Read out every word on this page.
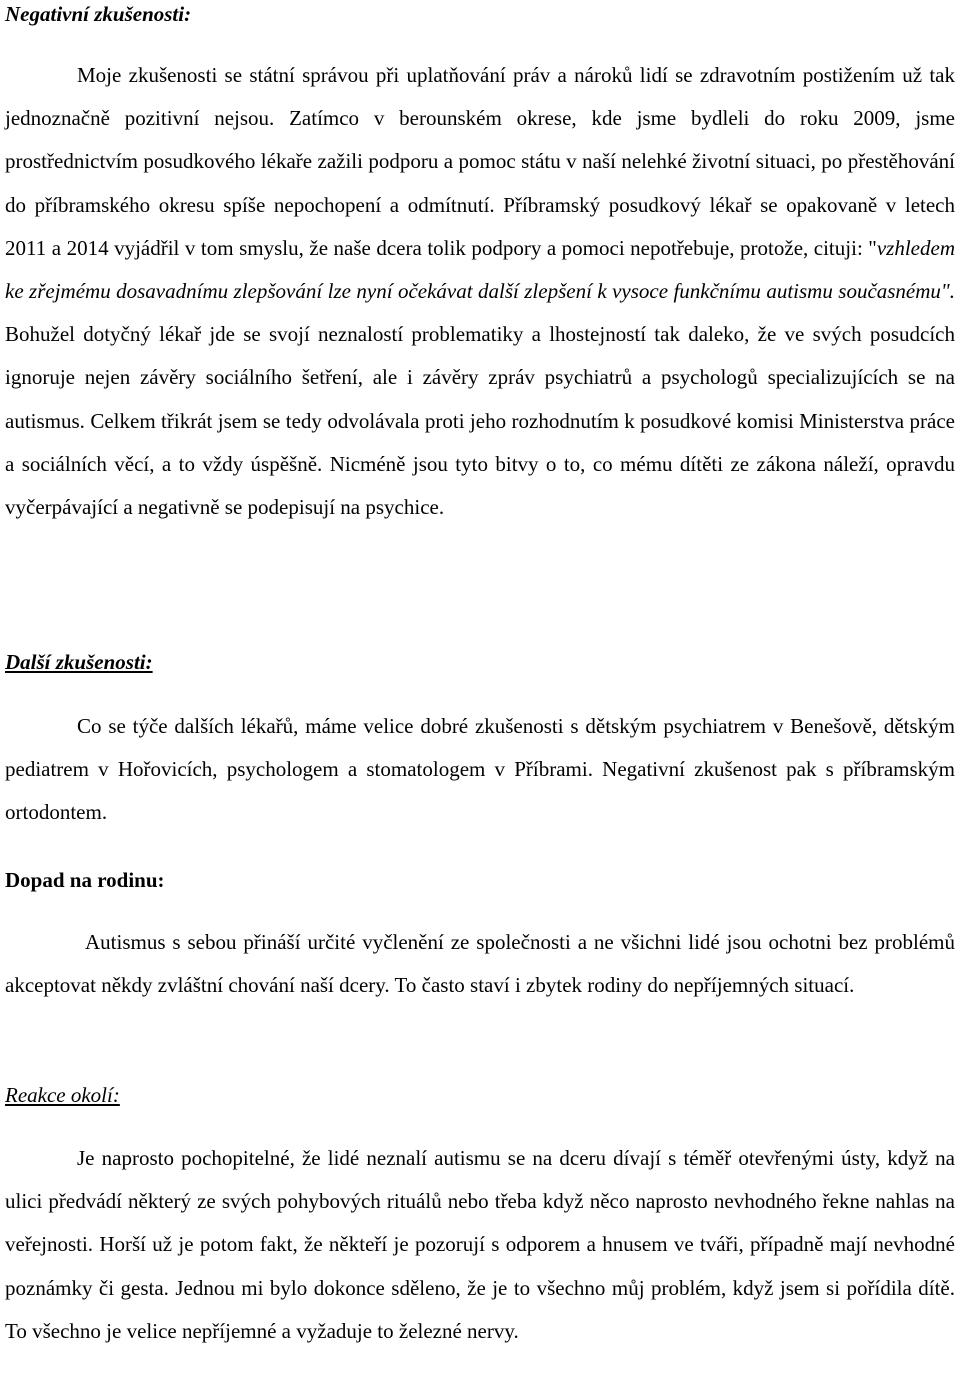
Negativní zkušenosti:

Moje zkušenosti se státní správou při uplatňování práv a nároků lidí se zdravotním postižením už tak jednoznačně pozitivní nejsou. Zatímco v berounském okrese, kde jsme bydleli do roku 2009, jsme prostřednictvím posudkového lékaře zažili podporu a pomoc státu v naší nelehké životní situaci, po přestěhování do příbramského okresu spíše nepochopení a odmítnutí. Příbramský posudkový lékař se opakovaně v letech 2011 a 2014 vyjádřil v tom smyslu, že naše dcera tolik podpory a pomoci nepotřebuje, protože, cituji: "vzhledem ke zřejmému dosavadnímu zlepšování lze nyní očekávat další zlepšení k vysoce funkčnímu autismu současnému". Bohužel dotyčný lékař jde se svojí neznalostí problematiky a lhostejností tak daleko, že ve svých posudcích ignoruje nejen závěry sociálního šetření, ale i závěry zpráv psychiatrů a psychologů specializujících se na autismus. Celkem třikrát jsem se tedy odvolávala proti jeho rozhodnutím k posudkové komisi Ministerstva práce a sociálních věcí, a to vždy úspěšně. Nicméně jsou tyto bitvy o to, co mému dítěti ze zákona náleží, opravdu vyčerpávající a negativně se podepisují na psychice.

Další zkušenosti:

Co se týče dalších lékařů, máme velice dobré zkušenosti s dětským psychiatrem v Benešově, dětským pediatrem v Hořovicích, psychologem a stomatologem v Příbrami. Negativní zkušenost pak s příbramským ortodontem.

Dopad na rodinu:

Autismus s sebou přináší určité vyčlenění ze společnosti a ne všichni lidé jsou ochotni bez problémů akceptovat někdy zvláštní chování naší dcery. To často staví i zbytek rodiny do nepříjemných situací.

Reakce okolí:

Je naprosto pochopitelné, že lidé neznalí autismu se na dceru dívají s téměř otevřenými ústy, když na ulici předvádí některý ze svých pohybových rituálů nebo třeba když něco naprosto nevhodného řekne nahlas na veřejnosti. Horší už je potom fakt, že někteří je pozorují s odporem a hnusem ve tváři, případně mají nevhodné poznámky či gesta. Jednou mi bylo dokonce sděleno, že je to všechno můj problém, když jsem si pořídila dítě. To všechno je velice nepříjemné a vyžaduje to železné nervy.
